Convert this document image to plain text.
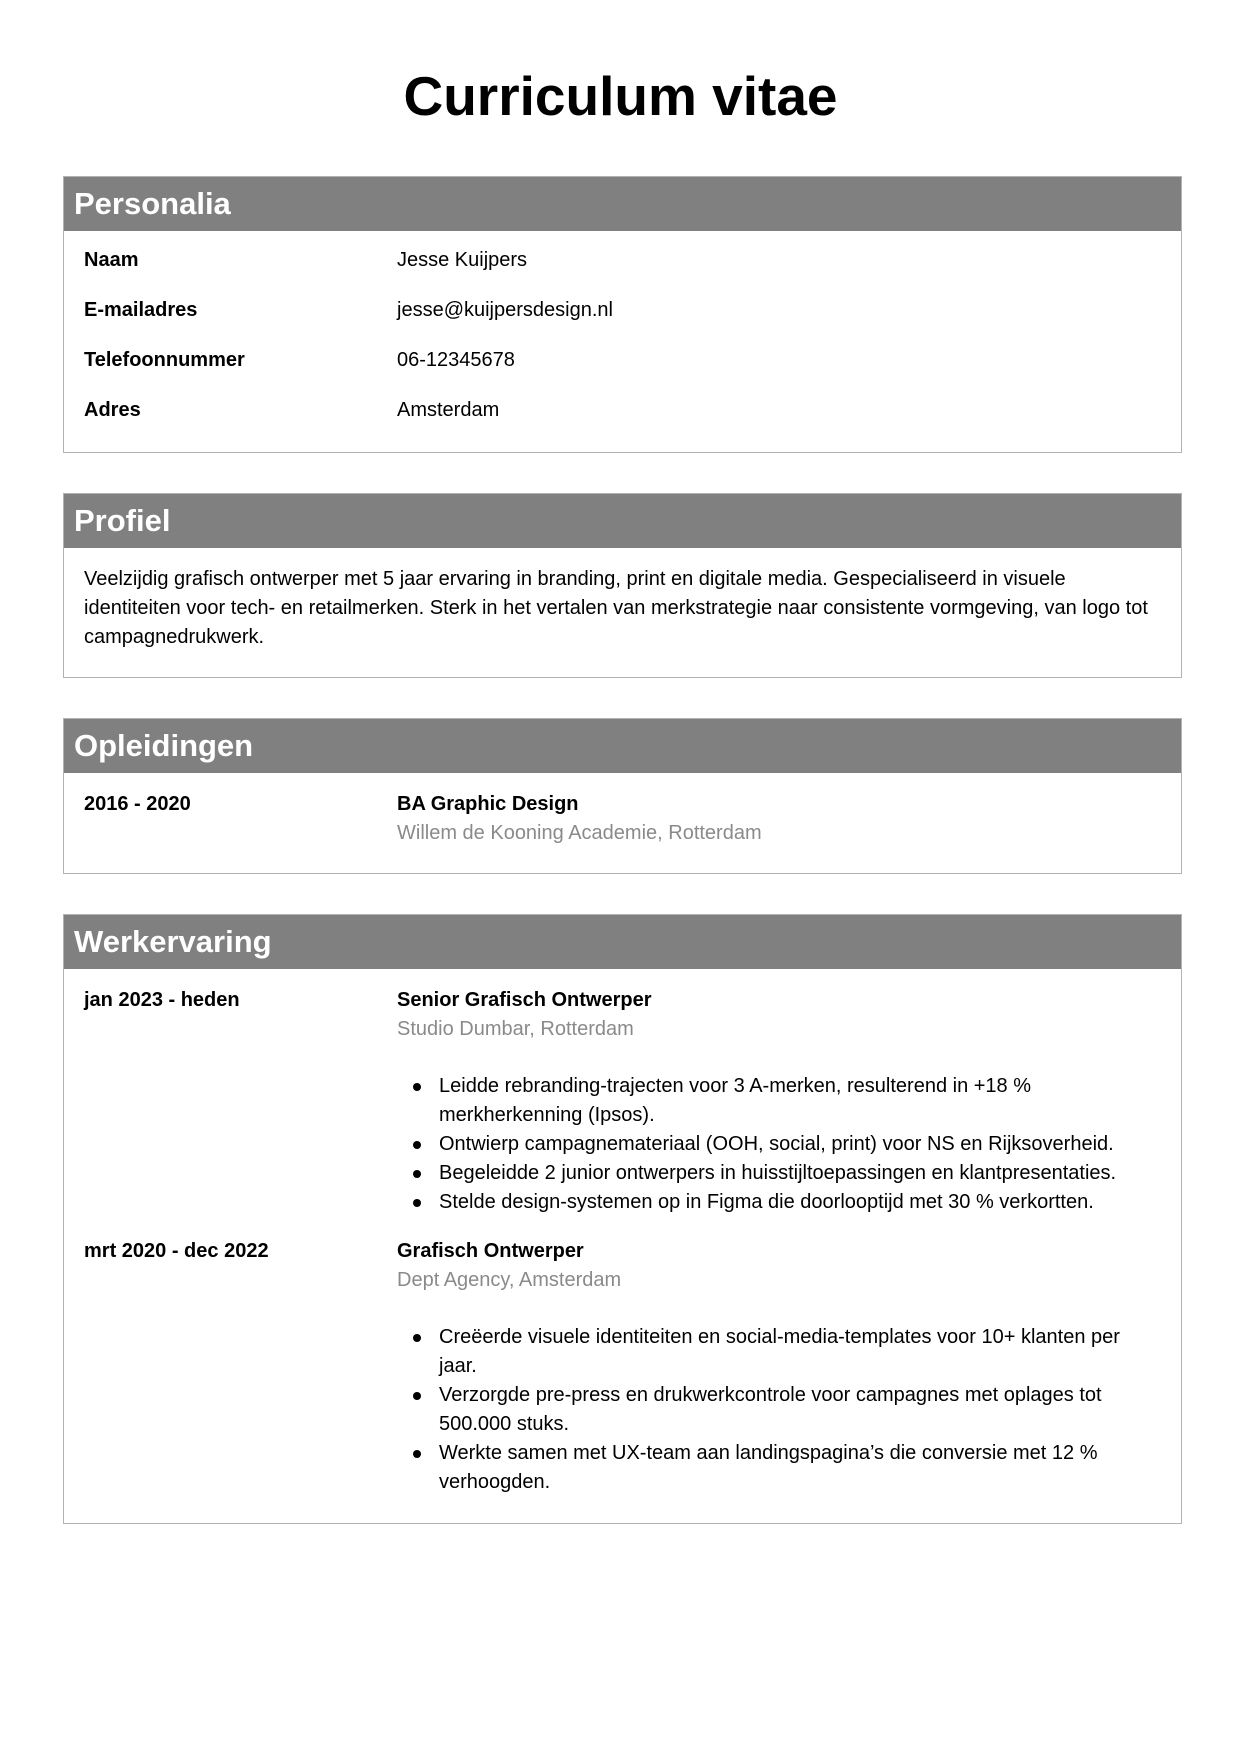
Curriculum vitae
Personalia
Naam	Jesse Kuijpers
E-mailadres	jesse@kuijpersdesign.nl
Telefoonnummer	06-12345678
Adres	Amsterdam
Profiel

Veelzijdig grafisch ontwerper met 5 jaar ervaring in branding, print en digitale media. Gespecialiseerd in visuele identiteiten voor tech- en retailmerken. Sterk in het vertalen van merkstrategie naar consistente vormgeving, van logo tot campagnedrukwerk.

Opleidingen
2016 - 2020	BA Graphic Design
Willem de Kooning Academie, Rotterdam
Werkervaring
jan 2023 - heden	Senior Grafisch Ontwerper
Studio Dumbar, Rotterdam
Leidde rebranding-trajecten voor 3 A-merken, resulterend in +18 % merkherkenning (Ipsos).
Ontwierp campagnemateriaal (OOH, social, print) voor NS en Rijksoverheid.
Begeleidde 2 junior ontwerpers in huisstijltoepassingen en klantpresentaties.
Stelde design-systemen op in Figma die doorlooptijd met 30 % verkortten.
mrt 2020 - dec 2022	Grafisch Ontwerper
Dept Agency, Amsterdam
Creëerde visuele identiteiten en social-media-templates voor 10+ klanten per jaar.
Verzorgde pre-press en drukwerkcontrole voor campagnes met oplages tot 500.000 stuks.
Werkte samen met UX-team aan landingspagina’s die conversie met 12 % verhoogden.
